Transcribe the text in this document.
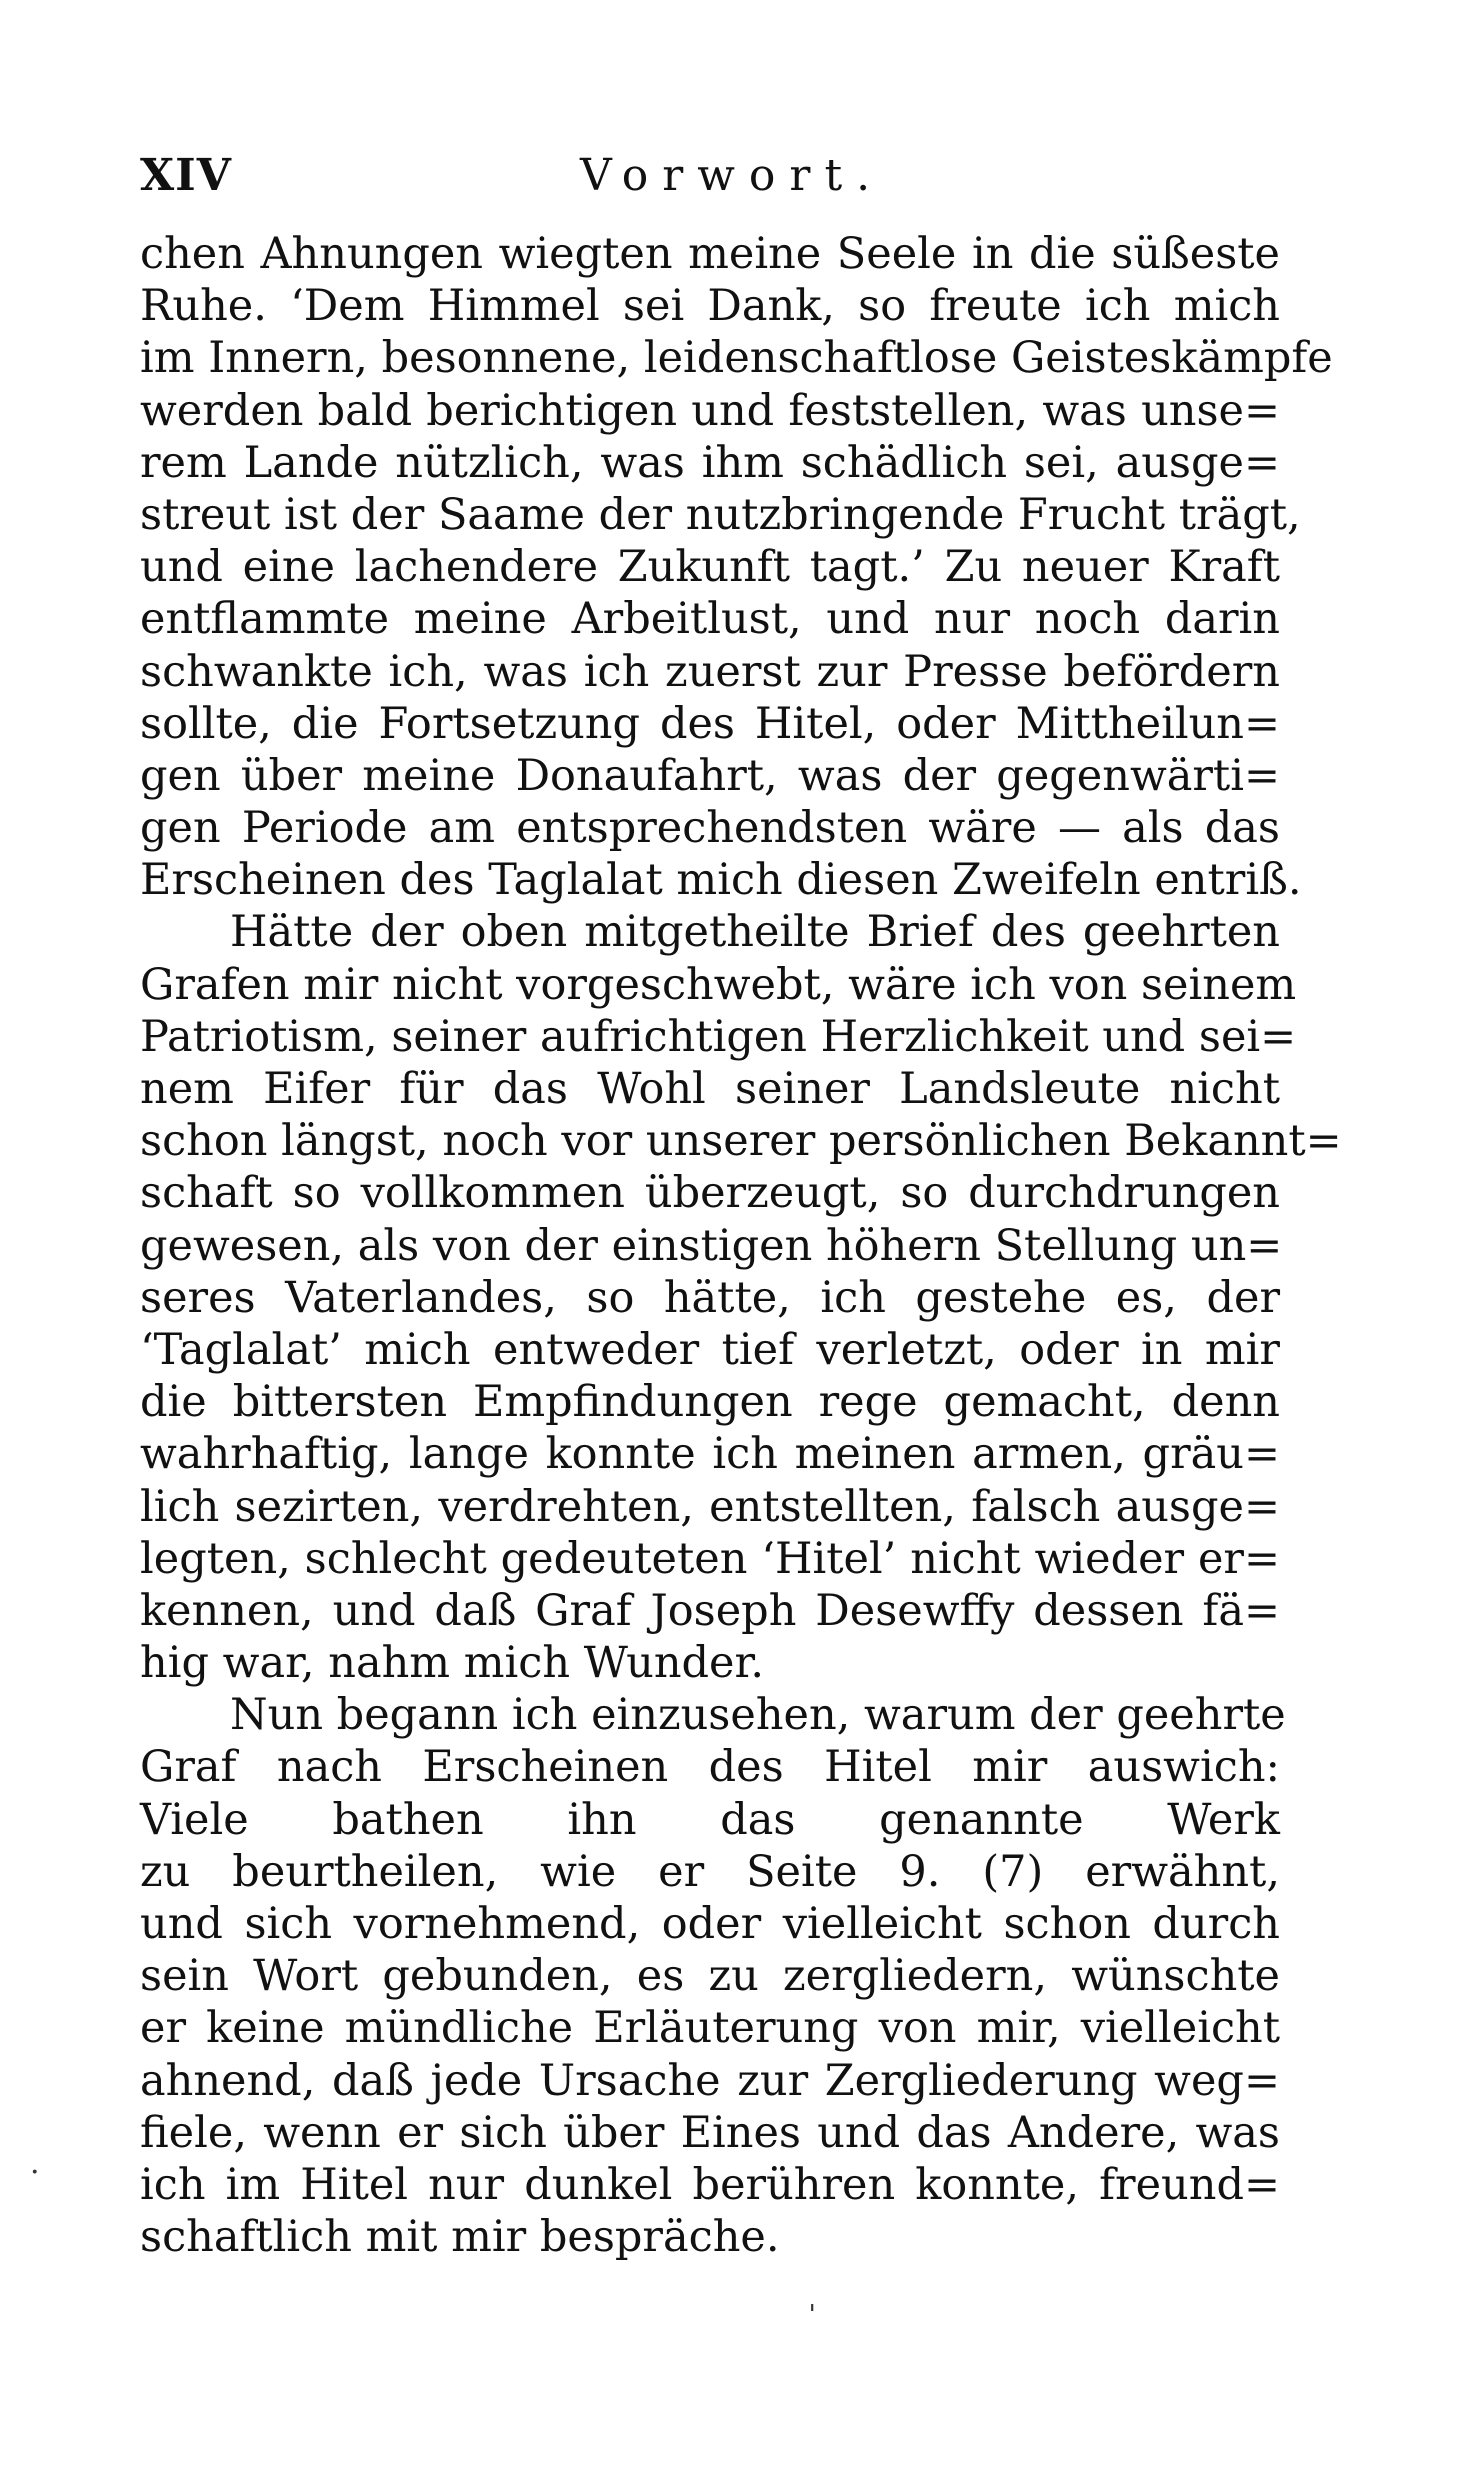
XIV	Vorwort.
chen Ahnungen wiegten meine Seele in die süßeste
Ruhe. ‘Dem Himmel sei Dank, so freute ich mich
im Innern, besonnene, leidenschaftlose Geisteskämpfe
werden bald berichtigen und feststellen, was unse=
rem Lande nützlich, was ihm schädlich sei, ausge=
streut ist der Saame der nutzbringende Frucht trägt,
und eine lachendere Zukunft tagt.’ Zu neuer Kraft
entflammte meine Arbeitlust, und nur noch darin
schwankte ich, was ich zuerst zur Presse befördern
sollte, die Fortsetzung des Hitel, oder Mittheilun=
gen über meine Donaufahrt, was der gegenwärti=
gen Periode am entsprechendsten wäre — als das
Erscheinen des Taglalat mich diesen Zweifeln entriß.
Hätte der oben mitgetheilte Brief des geehrten
Grafen mir nicht vorgeschwebt, wäre ich von seinem
Patriotism, seiner aufrichtigen Herzlichkeit und sei=
nem Eifer für das Wohl seiner Landsleute nicht
schon längst, noch vor unserer persönlichen Bekannt=
schaft so vollkommen überzeugt, so durchdrungen
gewesen, als von der einstigen höhern Stellung un=
seres Vaterlandes, so hätte, ich gestehe es, der
‘Taglalat’ mich entweder tief verletzt, oder in mir
die bittersten Empfindungen rege gemacht, denn
wahrhaftig, lange konnte ich meinen armen, gräu=
lich sezirten, verdrehten, entstellten, falsch ausge=
legten, schlecht gedeuteten ‘Hitel’ nicht wieder er=
kennen, und daß Graf Joseph Desewffy dessen fä=
hig war, nahm mich Wunder.
Nun begann ich einzusehen, warum der geehrte
Graf nach Erscheinen des Hitel mir auswich:
Viele bathen ihn das genannte Werk
zu beurtheilen, wie er Seite 9. (7) erwähnt,
und sich vornehmend, oder vielleicht schon durch
sein Wort gebunden, es zu zergliedern, wünschte
er keine mündliche Erläuterung von mir, vielleicht
ahnend, daß jede Ursache zur Zergliederung weg=
fiele, wenn er sich über Eines und das Andere, was
ich im Hitel nur dunkel berühren konnte, freund=
schaftlich mit mir bespräche.
·
ˈ
